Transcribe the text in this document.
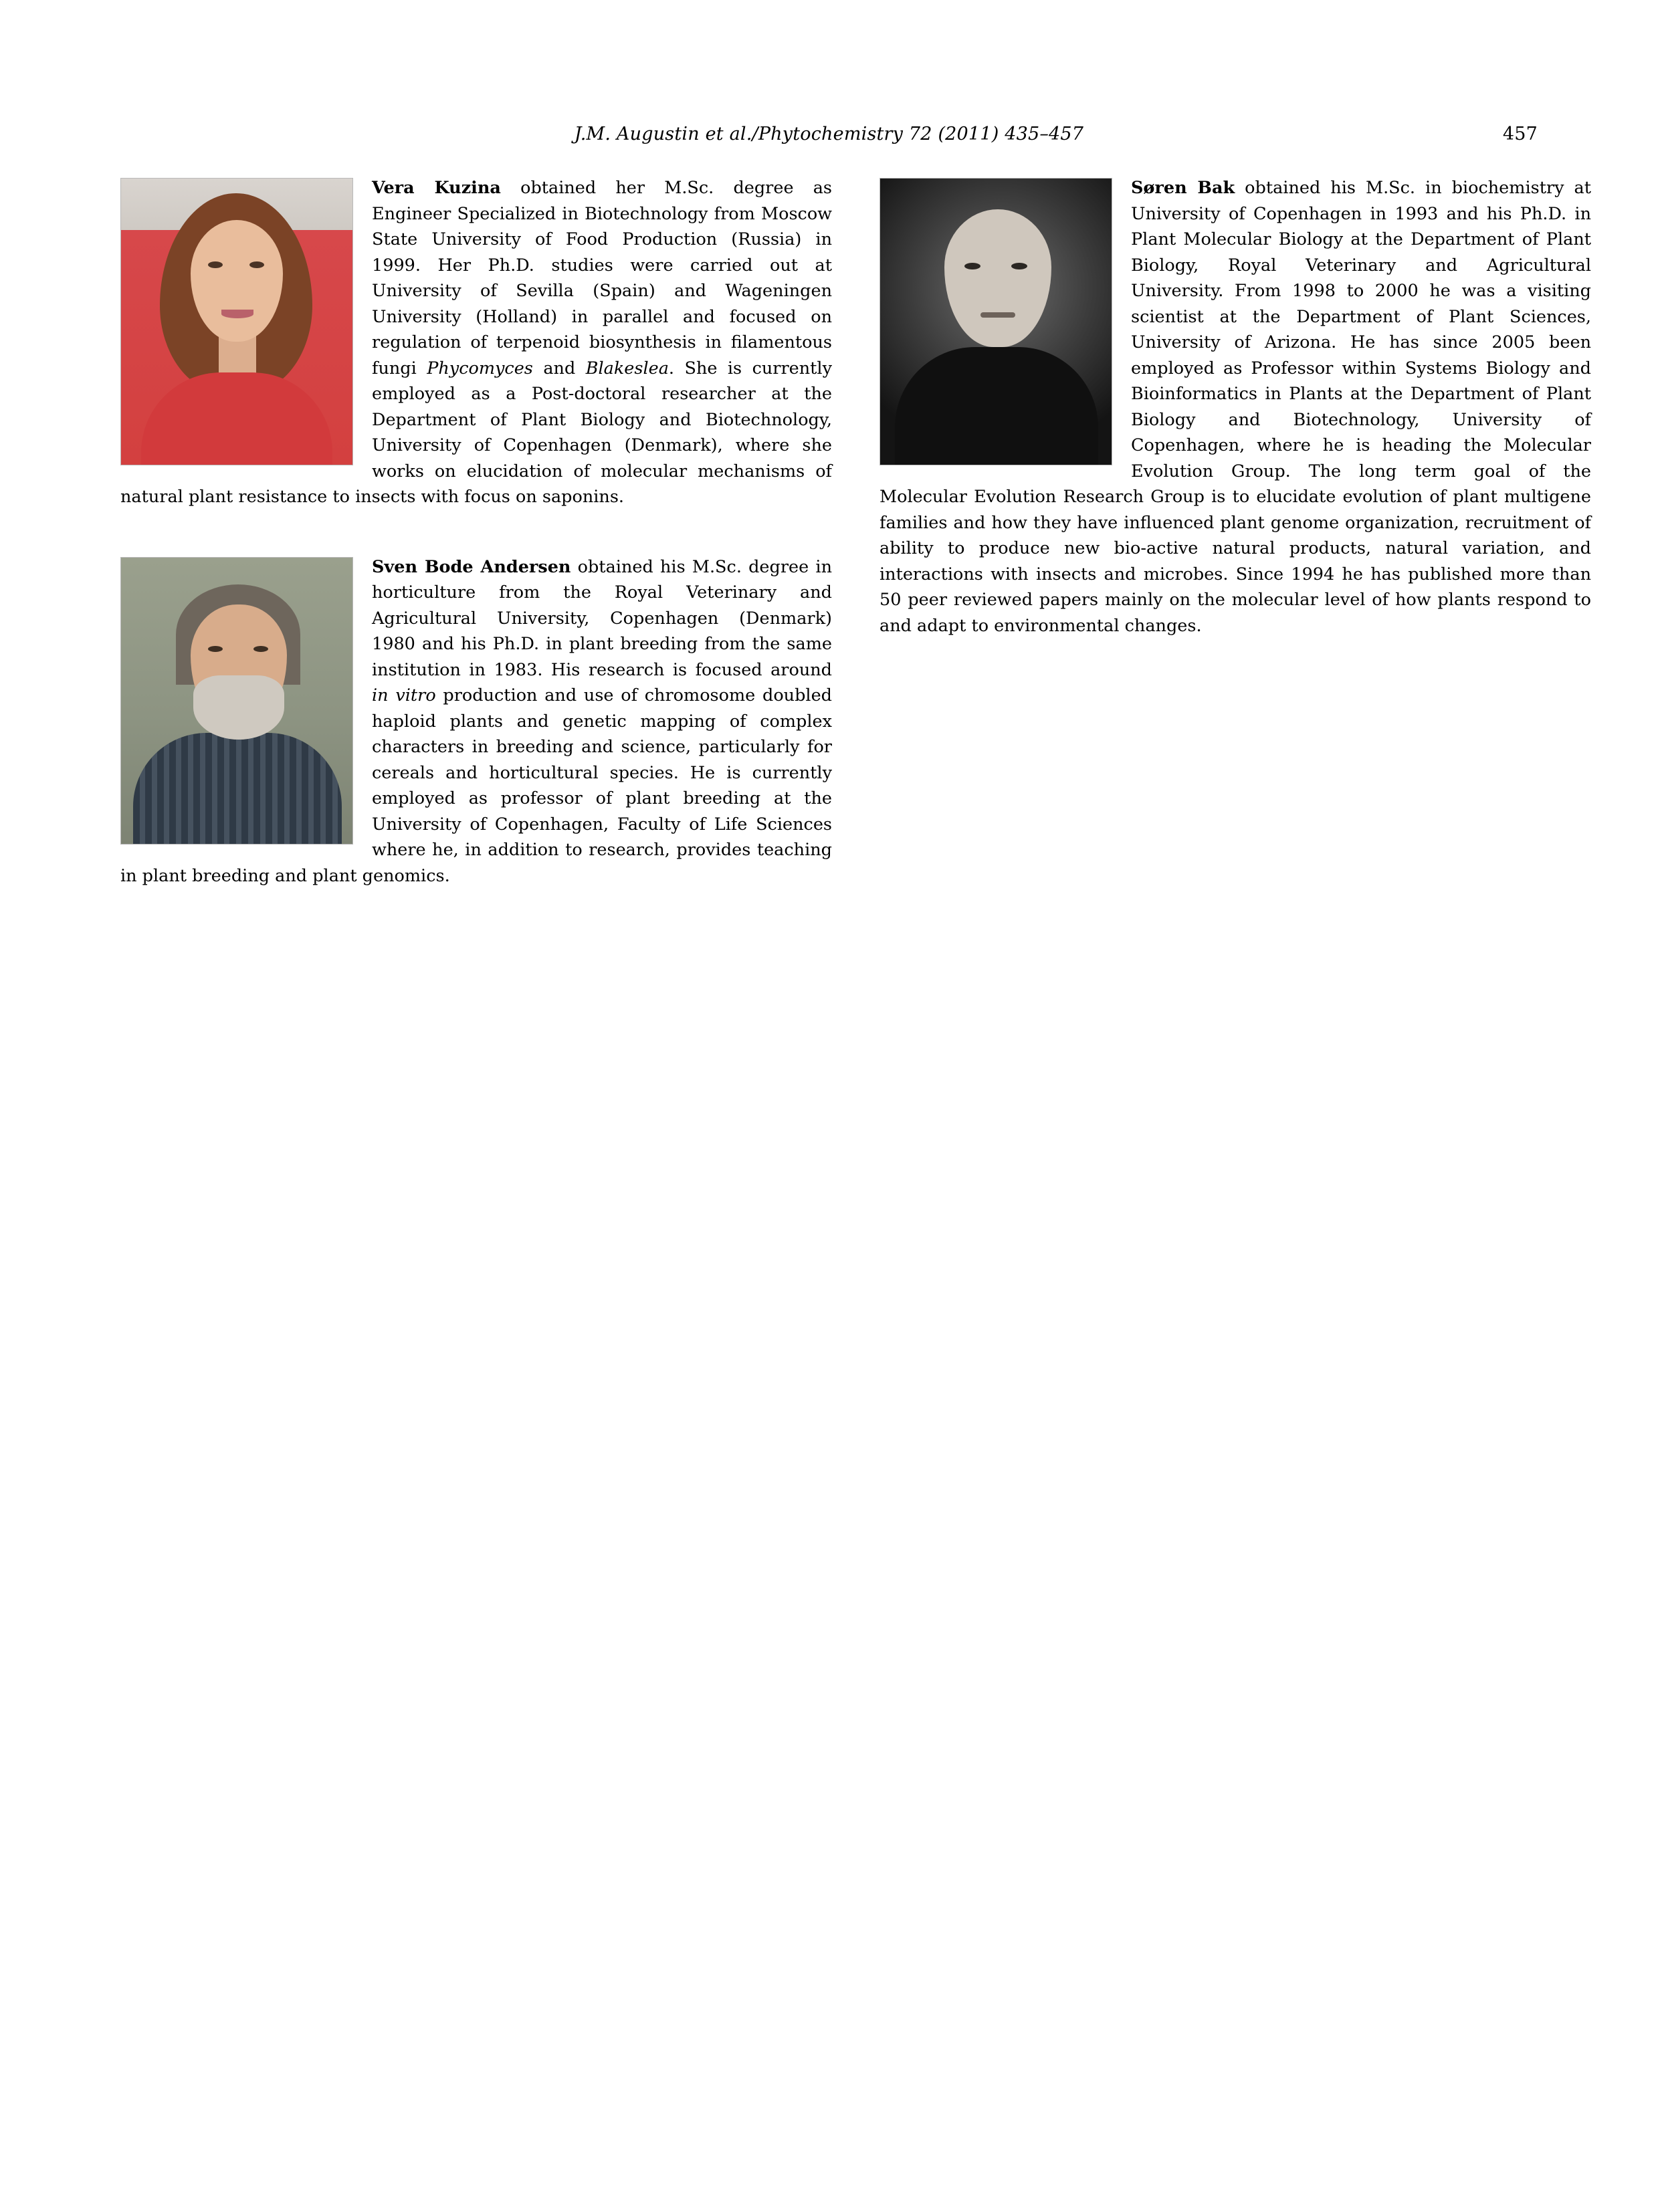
J.M. Augustin et al./Phytochemistry 72 (2011) 435–457	457
Vera Kuzina obtained her M.Sc. degree as Engineer Specialized in Biotechnology from Moscow State University of Food Production (Russia) in 1999. Her Ph.D. studies were carried out at University of Sevilla (Spain) and Wageningen University (Holland) in parallel and focused on regulation of terpenoid biosynthesis in filamentous fungi Phycomyces and Blakeslea. She is currently employed as a Post-doctoral researcher at the Department of Plant Biology and Biotechnology, University of Copenhagen (Denmark), where she works on elucidation of molecular mechanisms of natural plant resistance to insects with focus on saponins.
Sven Bode Andersen obtained his M.Sc. degree in horticulture from the Royal Veterinary and Agricultural University, Copenhagen (Denmark) 1980 and his Ph.D. in plant breeding from the same institution in 1983. His research is focused around in vitro production and use of chromosome doubled haploid plants and genetic mapping of complex characters in breeding and science, particularly for cereals and horticultural species. He is currently employed as professor of plant breeding at the University of Copenhagen, Faculty of Life Sciences where he, in addition to research, provides teaching in plant breeding and plant genomics.
Søren Bak obtained his M.Sc. in biochemistry at University of Copenhagen in 1993 and his Ph.D. in Plant Molecular Biology at the Department of Plant Biology, Royal Veterinary and Agricultural University. From 1998 to 2000 he was a visiting scientist at the Department of Plant Sciences, University of Arizona. He has since 2005 been employed as Professor within Systems Biology and Bioinformatics in Plants at the Department of Plant Biology and Biotechnology, University of Copenhagen, where he is heading the Molecular Evolution Group. The long term goal of the Molecular Evolution Research Group is to elucidate evolution of plant multigene families and how they have influenced plant genome organization, recruitment of ability to produce new bio-active natural products, natural variation, and interactions with insects and microbes. Since 1994 he has published more than 50 peer reviewed papers mainly on the molecular level of how plants respond to and adapt to environmental changes.
